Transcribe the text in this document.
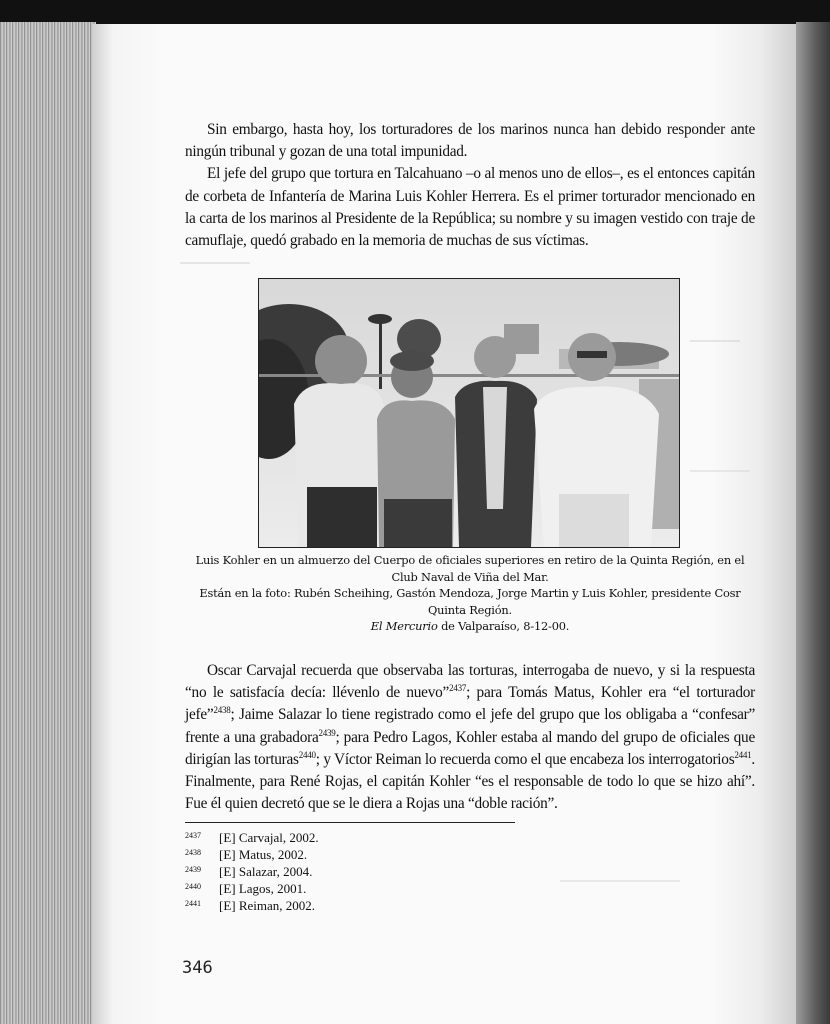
Sin embargo, hasta hoy, los torturadores de los marinos nunca han debido responder ante ningún tribunal y gozan de una total impunidad.

El jefe del grupo que tortura en Talcahuano –o al menos uno de ellos–, es el entonces capitán de corbeta de Infantería de Marina Luis Kohler Herrera. Es el primer torturador mencionado en la carta de los marinos al Presidente de la República; su nombre y su imagen vestido con traje de camuflaje, quedó grabado en la memoria de muchas de sus víctimas.

Luis Kohler en un almuerzo del Cuerpo de oficiales superiores en retiro de la Quinta Región, en el Club Naval de Viña del Mar.
Están en la foto: Rubén Scheihing, Gastón Mendoza, Jorge Martin y Luis Kohler, presidente Cosr Quinta Región.
El Mercurio de Valparaíso, 8-12-00.

Oscar Carvajal recuerda que observaba las torturas, interrogaba de nuevo, y si la respuesta “no le satisfacía decía: llévenlo de nuevo”$^{2437}$; para Tomás Matus, Kohler era “el torturador jefe”$^{2438}$; Jaime Salazar lo tiene registrado como el jefe del grupo que los obligaba a “confesar” frente a una grabadora$^{2439}$; para Pedro Lagos, Kohler estaba al mando del grupo de oficiales que dirigían las torturas$^{2440}$; y Víctor Reiman lo recuerda como el que encabeza los interrogatorios$^{2441}$. Finalmente, para René Rojas, el capitán Kohler “es el responsable de todo lo que se hizo ahí”. Fue él quien decretó que se le diera a Rojas una “doble ración”.

2437	[E] Carvajal, 2002.
2438	[E] Matus, 2002.
2439	[E] Salazar, 2004.
2440	[E] Lagos, 2001.
2441	[E] Reiman, 2002.
346
